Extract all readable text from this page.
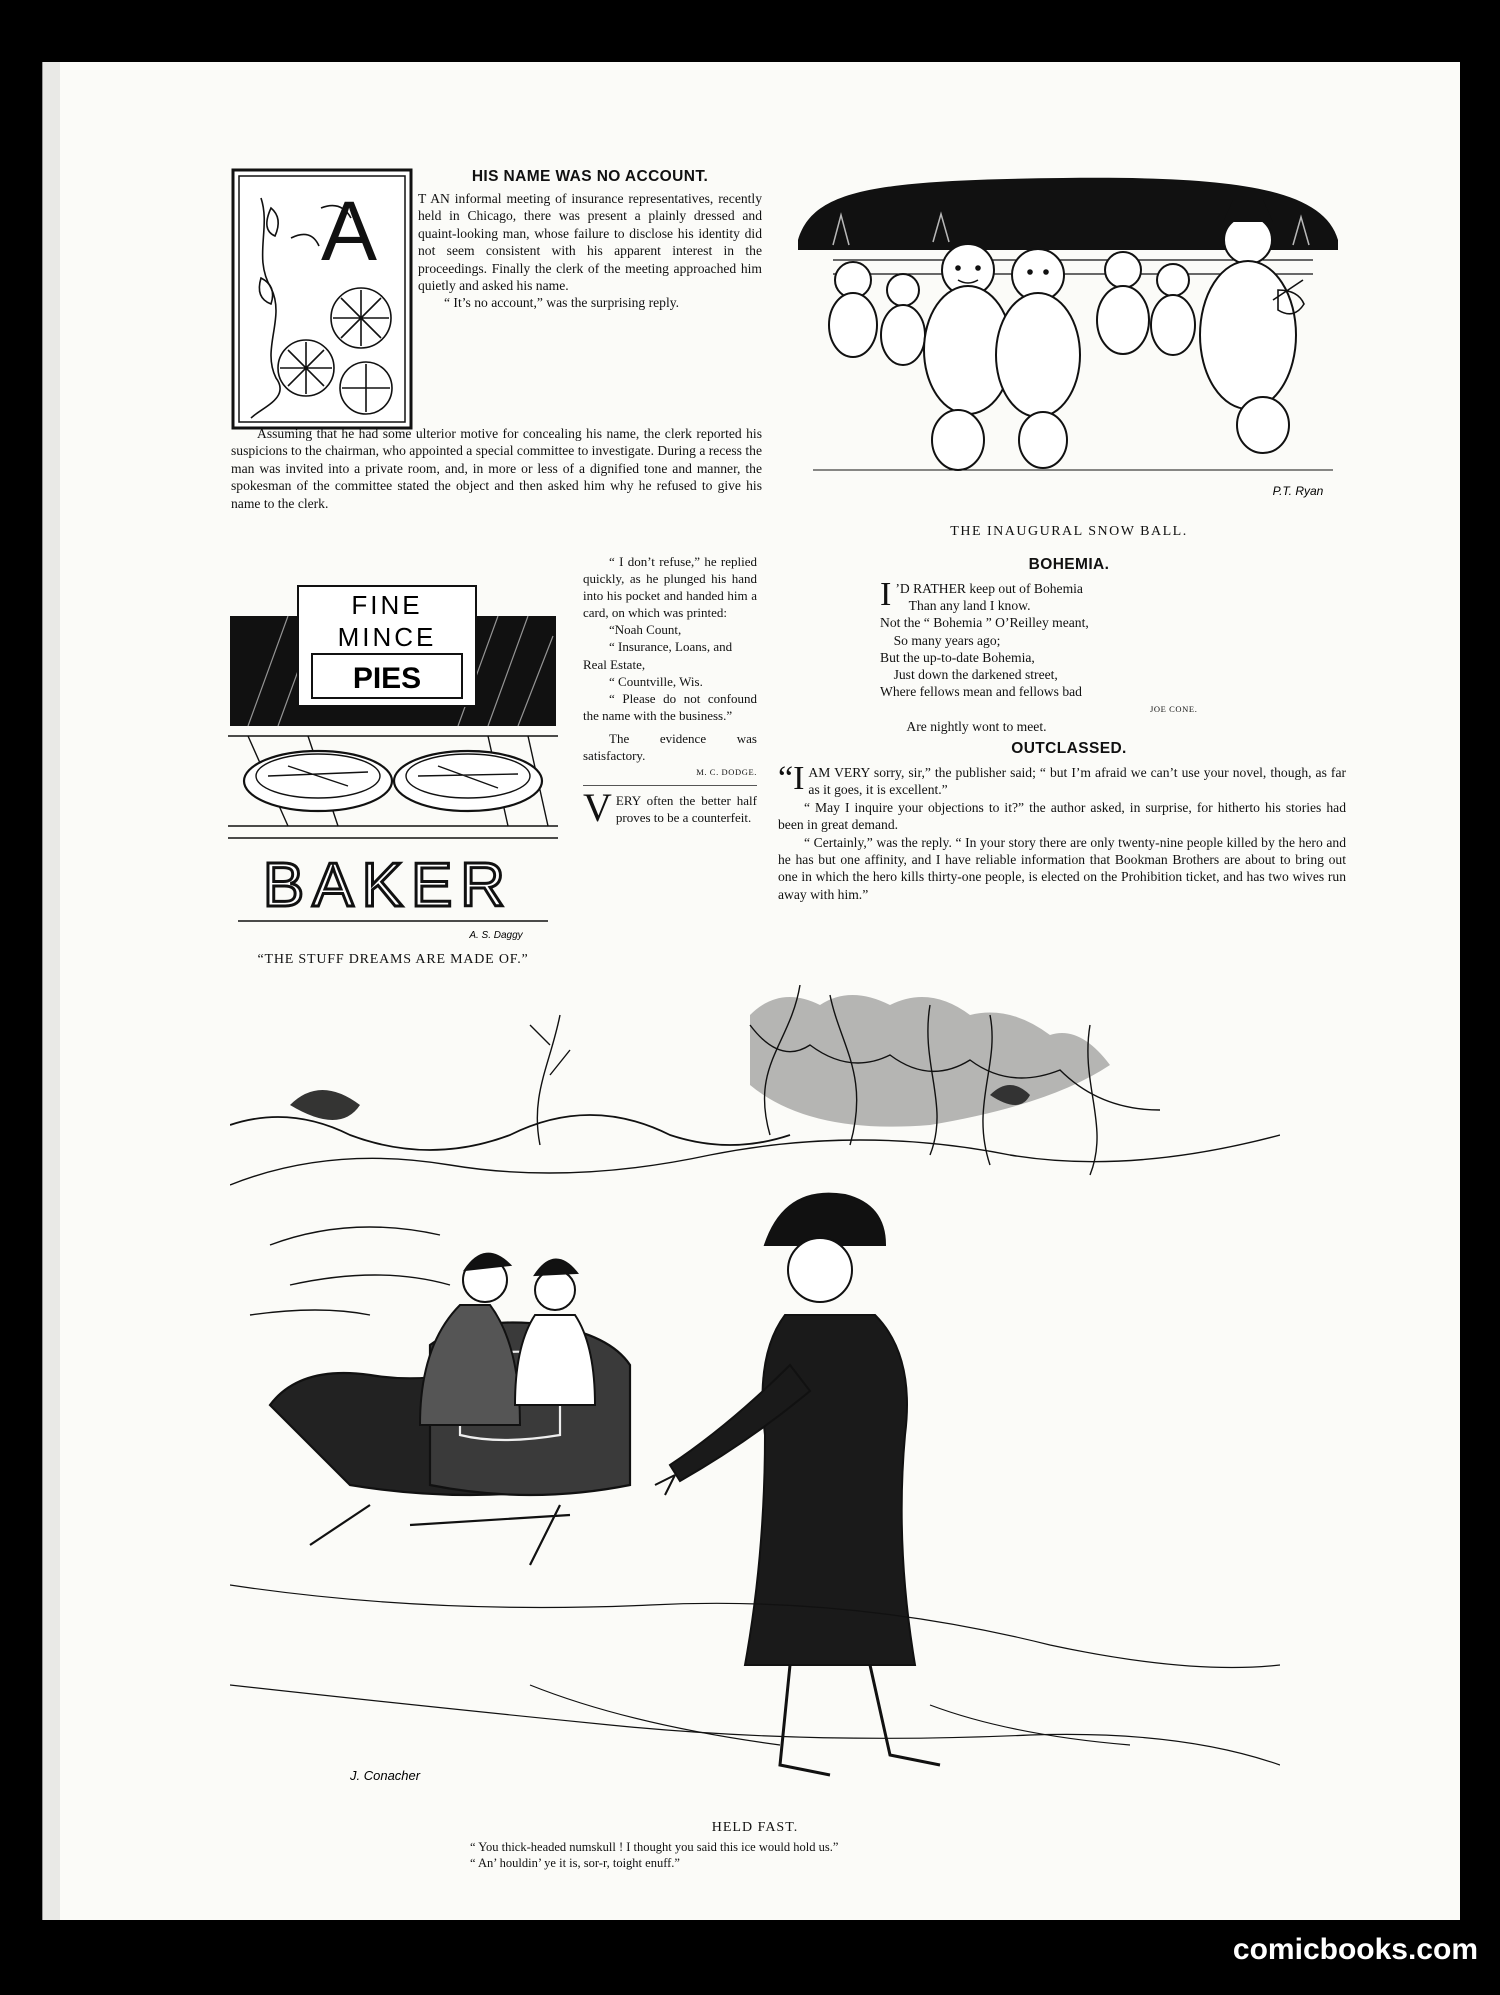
A
HIS NAME WAS NO ACCOUNT.

T AN informal meeting of insurance representatives, recently held in Chicago, there was present a plainly dressed and quaint-looking man, whose failure to disclose his identity did not seem consistent with his apparent interest in the proceedings. Finally the clerk of the meeting approached him quietly and asked his name.

“ It’s no account,” was the surprising reply.

Assuming that he had some ulterior motive for concealing his name, the clerk reported his suspicions to the chairman, who appointed a special committee to investigate. During a recess the man was invited into a private room, and, in more or less of a dignified tone and manner, the spokesman of the committee stated the object and then asked him why he refused to give his name to the clerk.

“ I don’t refuse,” he replied quickly, as he plunged his hand into his pocket and handed him a card, on which was printed:

“Noah Count,

“ Insurance, Loans, and Real Estate,

“ Countville, Wis.

“ Please do not confound the name with the business.”

The evidence was satisfactory.

M. C. DODGE.
VERY often the better half proves to be a counterfeit.
FINE
MINCE
PIES
BAKER
A. S. Daggy
“THE STUFF DREAMS ARE MADE OF.”
P.T. Ryan
THE INAUGURAL SNOW BALL.
BOHEMIA.
I ’D RATHER keep out of Bohemia
Than any land I know.
Not the “ Bohemia ” O’Reilley meant,
So many years ago;
But the up-to-date Bohemia,
Just down the darkened street,
Where fellows mean and fellows bad

Are nightly wont to meet.

JOE CONE.

OUTCLASSED.

“I AM VERY sorry, sir,” the publisher said; “ but I’m afraid we can’t use your novel, though, as far as it goes, it is excellent.”

“ May I inquire your objections to it?” the author asked, in surprise, for hitherto his stories had been in great demand.

“ Certainly,” was the reply. “ In your story there are only twenty-nine people killed by the hero and he has but one affinity, and I have reliable information that Bookman Brothers are about to bring out one in which the hero kills thirty-one people, is elected on the Prohibition ticket, and has two wives run away with him.”

J. Conacher
HELD FAST.
“ You thick-headed numskull ! I thought you said this ice would hold us.”
“ An’ houldin’ ye it is, sor-r, toight enuff.”
comicbooks.com
